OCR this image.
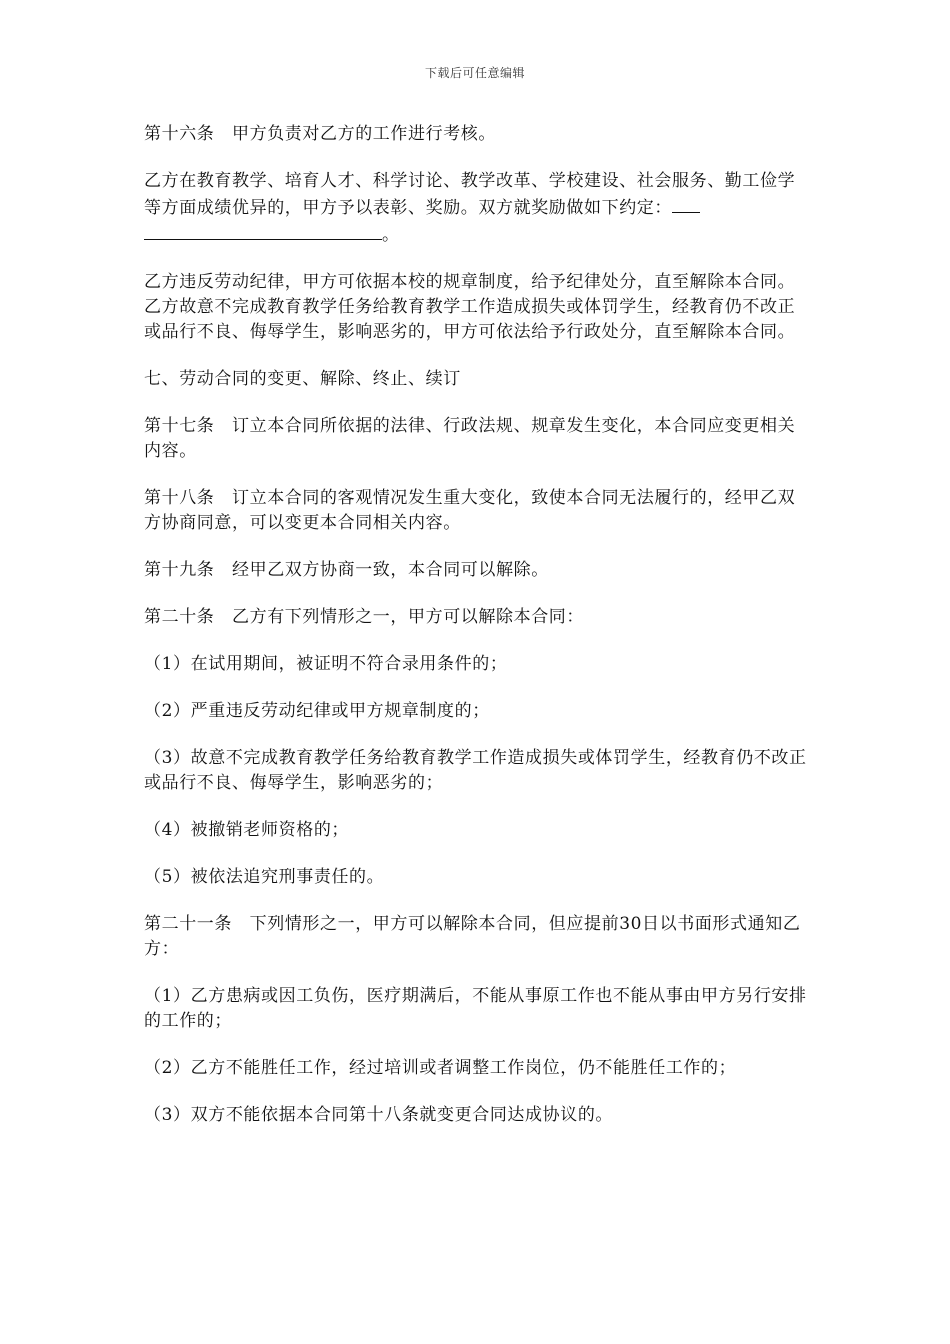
下载后可任意编辑

第十六条　甲方负责对乙方的工作进行考核。

乙方在教育教学、培育人才、科学讨论、教学改革、学校建设、社会服务、勤工俭学等方面成绩优异的，甲方予以表彰、奖励。双方就奖励做如下约定：
。

乙方违反劳动纪律，甲方可依据本校的规章制度，给予纪律处分，直至解除本合同。乙方故意不完成教育教学任务给教育教学工作造成损失或体罚学生，经教育仍不改正或品行不良、侮辱学生，影响恶劣的，甲方可依法给予行政处分，直至解除本合同。

七、劳动合同的变更、解除、终止、续订

第十七条　订立本合同所依据的法律、行政法规、规章发生变化，本合同应变更相关内容。

第十八条　订立本合同的客观情况发生重大变化，致使本合同无法履行的，经甲乙双方协商同意，可以变更本合同相关内容。

第十九条　经甲乙双方协商一致，本合同可以解除。

第二十条　乙方有下列情形之一，甲方可以解除本合同：

（1）在试用期间，被证明不符合录用条件的；

（2）严重违反劳动纪律或甲方规章制度的；

（3）故意不完成教育教学任务给教育教学工作造成损失或体罚学生，经教育仍不改正或品行不良、侮辱学生，影响恶劣的；

（4）被撤销老师资格的；

（5）被依法追究刑事责任的。

第二十一条　下列情形之一，甲方可以解除本合同，但应提前30日以书面形式通知乙方：

（1）乙方患病或因工负伤，医疗期满后，不能从事原工作也不能从事由甲方另行安排的工作的；

（2）乙方不能胜任工作，经过培训或者调整工作岗位，仍不能胜任工作的；

（3）双方不能依据本合同第十八条就变更合同达成协议的。
